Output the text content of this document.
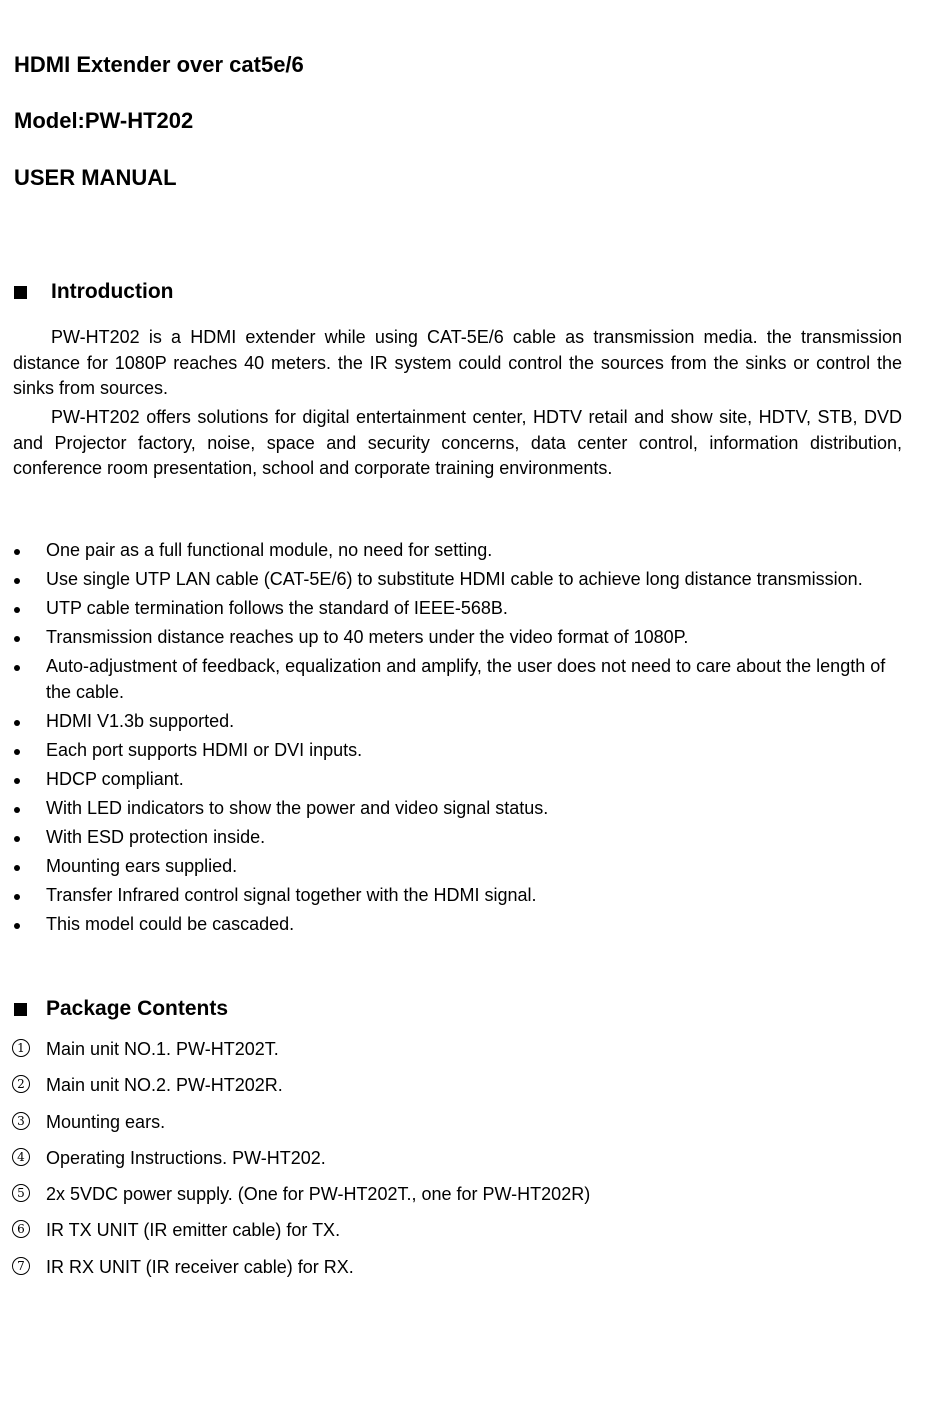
HDMI Extender over cat5e/6
Model:PW-HT202
USER MANUAL
Introduction

PW-HT202 is a HDMI extender while using CAT-5E/6 cable as transmission media. the transmission distance for 1080P reaches 40 meters. the IR system could control the sources from the sinks or control the sinks from sources.

PW-HT202 offers solutions for digital entertainment center, HDTV retail and show site, HDTV, STB, DVD and Projector factory, noise, space and security concerns, data center control, information distribution, conference room presentation, school and corporate training environments.

One pair as a full functional module, no need for setting.
Use single UTP LAN cable (CAT-5E/6) to substitute HDMI cable to achieve long distance transmission.
UTP cable termination follows the standard of IEEE-568B.
Transmission distance reaches up to 40 meters under the video format of 1080P.
Auto-adjustment of feedback, equalization and amplify, the user does not need to care about the length of the cable.
HDMI V1.3b supported.
Each port supports HDMI or DVI inputs.
HDCP compliant.
With LED indicators to show the power and video signal status.
With ESD protection inside.
Mounting ears supplied.
Transfer Infrared control signal together with the HDMI signal.
This model could be cascaded.
Package Contents
1 Main unit NO.1. PW-HT202T.
2 Main unit NO.2. PW-HT202R.
3 Mounting ears.
4 Operating Instructions. PW-HT202.
5 2x 5VDC power supply. (One for PW-HT202T., one for PW-HT202R)
6 IR TX UNIT (IR emitter cable) for TX.
7 IR RX UNIT (IR receiver cable) for RX.
